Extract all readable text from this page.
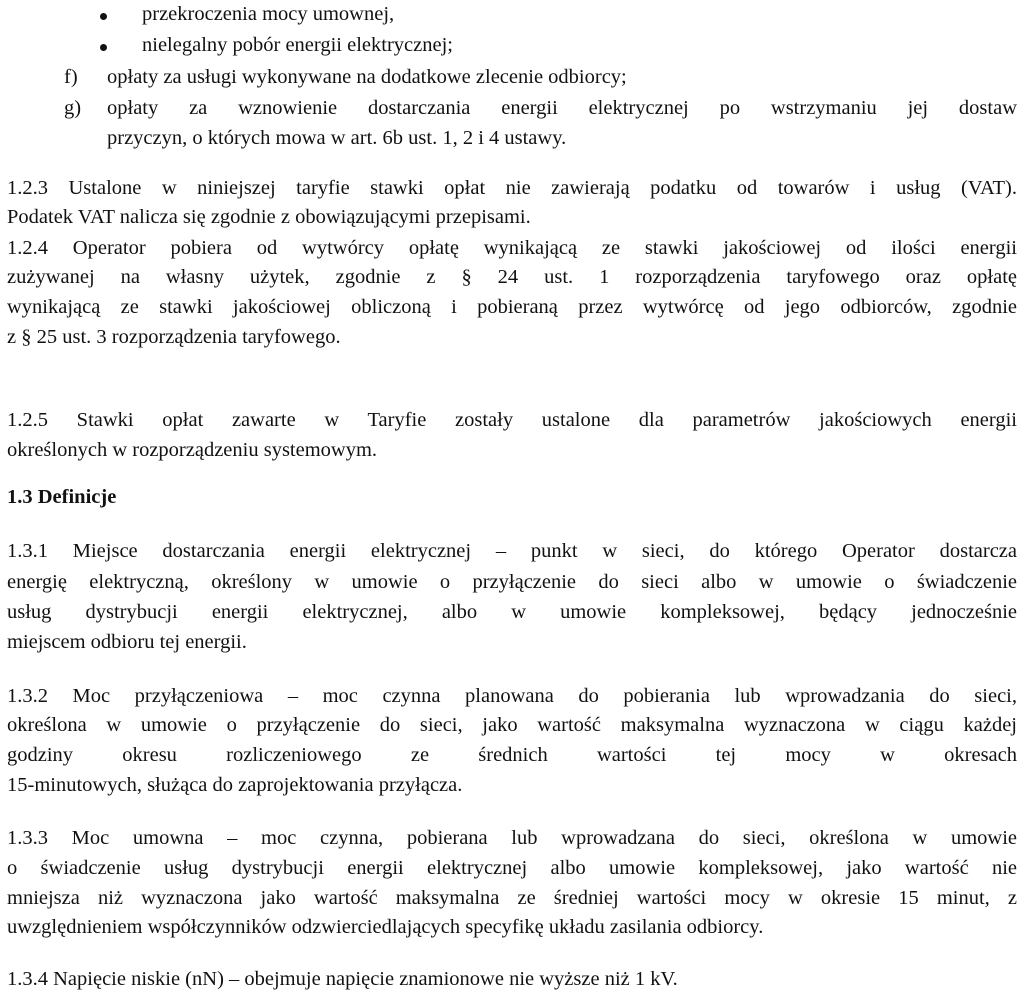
przekroczenia mocy umownej,
nielegalny pobór energii elektrycznej;
f) opłaty za usługi wykonywane na dodatkowe zlecenie odbiorcy;
g) opłaty za wznowienie dostarczania energii elektrycznej po wstrzymaniu jej dostaw
przyczyn, o których mowa w art. 6b ust. 1, 2 i 4 ustawy.
1.2.3 Ustalone w niniejszej taryfie stawki opłat nie zawierają podatku od towarów i usług (VAT).
Podatek VAT nalicza się zgodnie z obowiązującymi przepisami.
1.2.4 Operator pobiera od wytwórcy opłatę wynikającą ze stawki jakościowej od ilości energii
zużywanej na własny użytek, zgodnie z § 24 ust. 1 rozporządzenia taryfowego oraz opłatę
wynikającą ze stawki jakościowej obliczoną i pobieraną przez wytwórcę od jego odbiorców, zgodnie
z § 25 ust. 3 rozporządzenia taryfowego.
1.2.5 Stawki opłat zawarte w Taryfie zostały ustalone dla parametrów jakościowych energii
określonych w rozporządzeniu systemowym.
1.3 Definicje
1.3.1 Miejsce dostarczania energii elektrycznej – punkt w sieci, do którego Operator dostarcza
energię elektryczną, określony w umowie o przyłączenie do sieci albo w umowie o świadczenie
usług dystrybucji energii elektrycznej, albo w umowie kompleksowej, będący jednocześnie
miejscem odbioru tej energii.
1.3.2 Moc przyłączeniowa – moc czynna planowana do pobierania lub wprowadzania do sieci,
określona w umowie o przyłączenie do sieci, jako wartość maksymalna wyznaczona w ciągu każdej
godziny okresu rozliczeniowego ze średnich wartości tej mocy w okresach
15-minutowych, służąca do zaprojektowania przyłącza.
1.3.3 Moc umowna – moc czynna, pobierana lub wprowadzana do sieci, określona w umowie
o świadczenie usług dystrybucji energii elektrycznej albo umowie kompleksowej, jako wartość nie
mniejsza niż wyznaczona jako wartość maksymalna ze średniej wartości mocy w okresie 15 minut, z
uwzględnieniem współczynników odzwierciedlających specyfikę układu zasilania odbiorcy.
1.3.4 Napięcie niskie (nN) – obejmuje napięcie znamionowe nie wyższe niż 1 kV.
